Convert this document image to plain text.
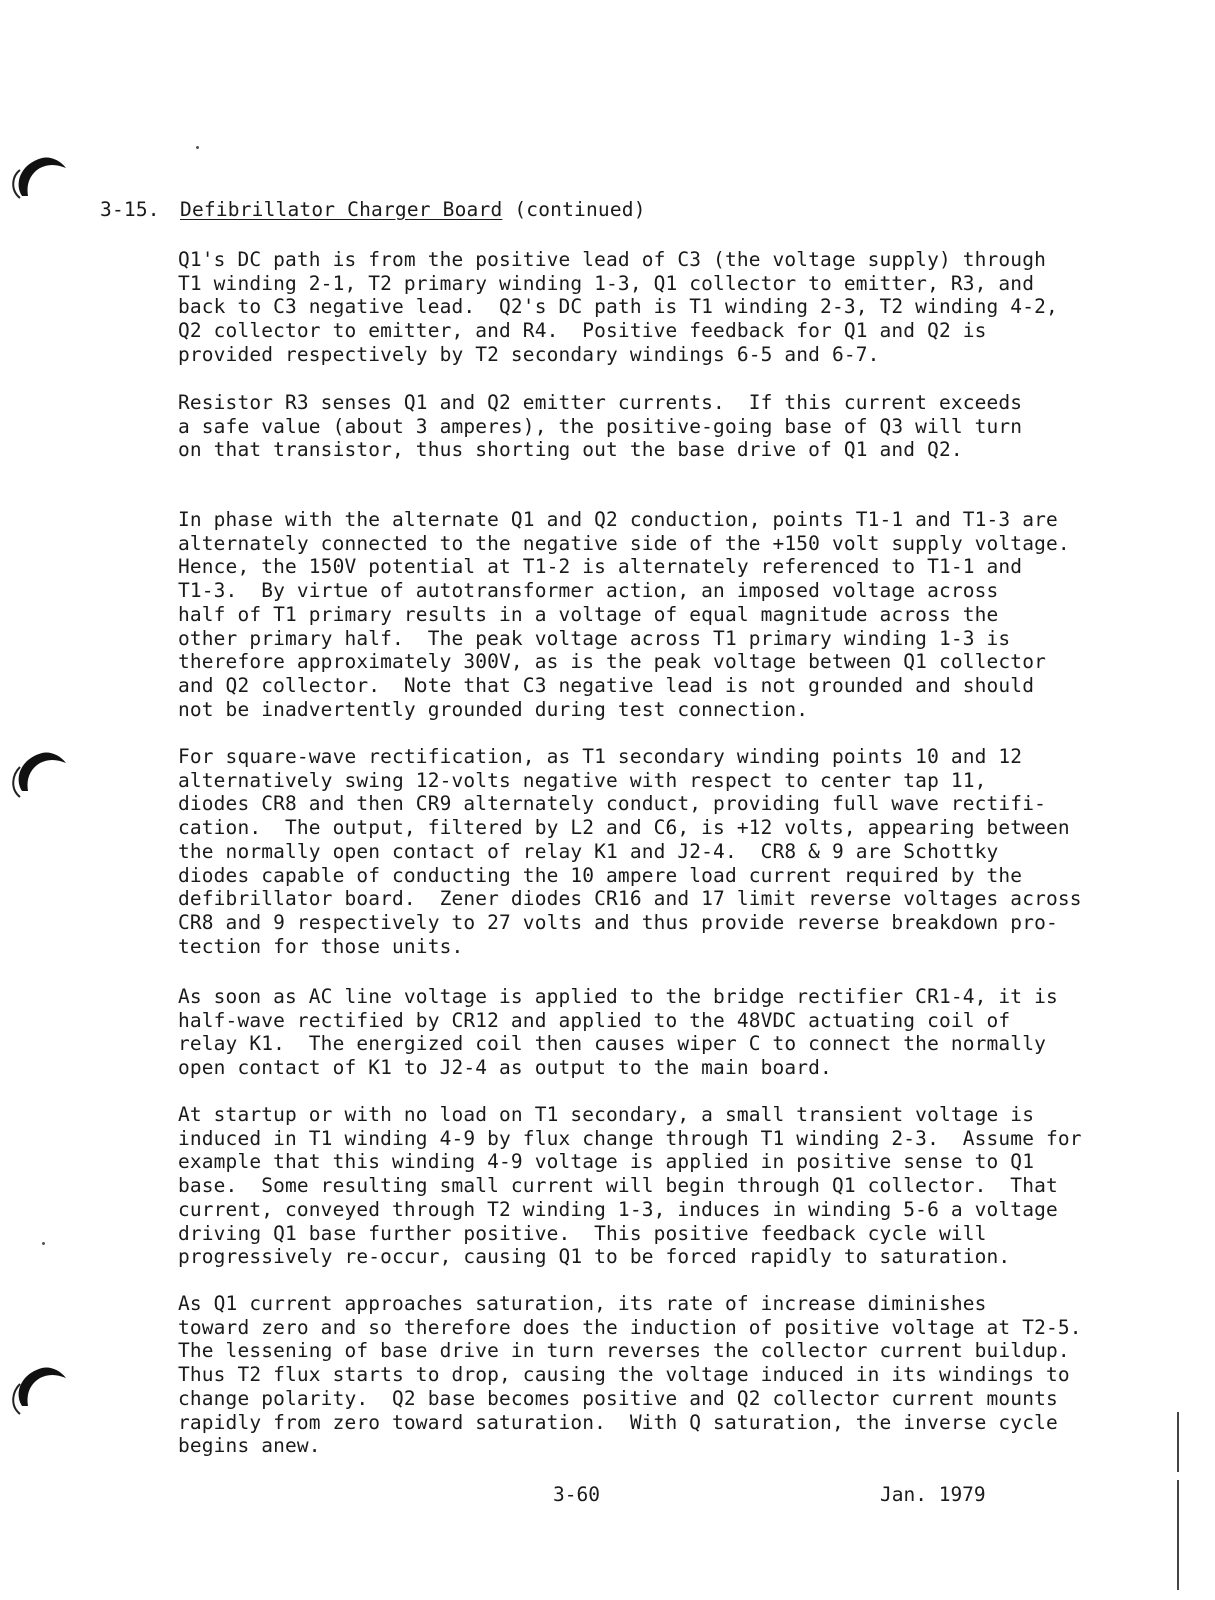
3-15. Defibrillator Charger Board (continued)

Q1's DC path is from the positive lead of C3 (the voltage supply) through
T1 winding 2-1, T2 primary winding 1-3, Q1 collector to emitter, R3, and
back to C3 negative lead.  Q2's DC path is T1 winding 2-3, T2 winding 4-2,
Q2 collector to emitter, and R4.  Positive feedback for Q1 and Q2 is
provided respectively by T2 secondary windings 6-5 and 6-7.

Resistor R3 senses Q1 and Q2 emitter currents.  If this current exceeds
a safe value (about 3 amperes), the positive-going base of Q3 will turn
on that transistor, thus shorting out the base drive of Q1 and Q2.

In phase with the alternate Q1 and Q2 conduction, points T1-1 and T1-3 are
alternately connected to the negative side of the +150 volt supply voltage.
Hence, the 150V potential at T1-2 is alternately referenced to T1-1 and
T1-3.  By virtue of autotransformer action, an imposed voltage across
half of T1 primary results in a voltage of equal magnitude across the
other primary half.  The peak voltage across T1 primary winding 1-3 is
therefore approximately 300V, as is the peak voltage between Q1 collector
and Q2 collector.  Note that C3 negative lead is not grounded and should
not be inadvertently grounded during test connection.

For square-wave rectification, as T1 secondary winding points 10 and 12
alternatively swing 12-volts negative with respect to center tap 11,
diodes CR8 and then CR9 alternately conduct, providing full wave rectifi-
cation.  The output, filtered by L2 and C6, is +12 volts, appearing between
the normally open contact of relay K1 and J2-4.  CR8 & 9 are Schottky
diodes capable of conducting the 10 ampere load current required by the
defibrillator board.  Zener diodes CR16 and 17 limit reverse voltages across
CR8 and 9 respectively to 27 volts and thus provide reverse breakdown pro-
tection for those units.

As soon as AC line voltage is applied to the bridge rectifier CR1-4, it is
half-wave rectified by CR12 and applied to the 48VDC actuating coil of
relay K1.  The energized coil then causes wiper C to connect the normally
open contact of K1 to J2-4 as output to the main board.

At startup or with no load on T1 secondary, a small transient voltage is
induced in T1 winding 4-9 by flux change through T1 winding 2-3.  Assume for
example that this winding 4-9 voltage is applied in positive sense to Q1
base.  Some resulting small current will begin through Q1 collector.  That
current, conveyed through T2 winding 1-3, induces in winding 5-6 a voltage
driving Q1 base further positive.  This positive feedback cycle will
progressively re-occur, causing Q1 to be forced rapidly to saturation.

As Q1 current approaches saturation, its rate of increase diminishes
toward zero and so therefore does the induction of positive voltage at T2-5.
The lessening of base drive in turn reverses the collector current buildup.
Thus T2 flux starts to drop, causing the voltage induced in its windings to
change polarity.  Q2 base becomes positive and Q2 collector current mounts
rapidly from zero toward saturation.  With Q saturation, the inverse cycle
begins anew.

3-60	Jan. 1979
